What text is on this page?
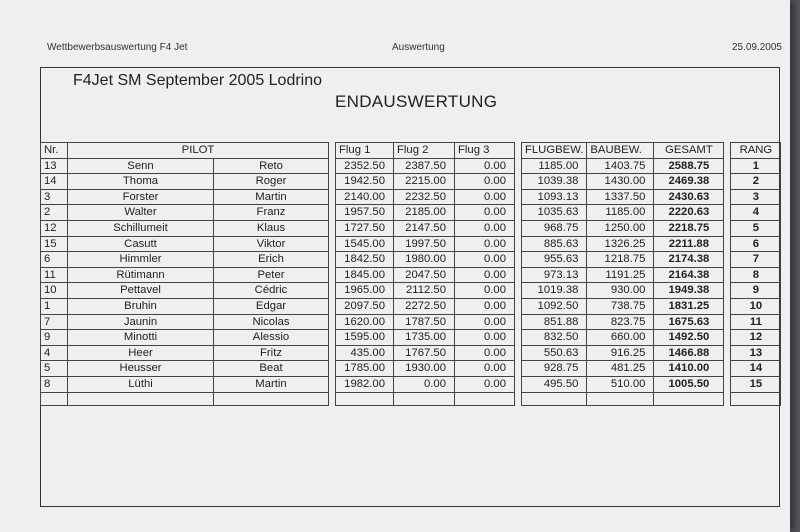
Wettbewerbsauswertung F4 Jet	Auswertung	25.09.2005
F4Jet SM September 2005 Lodrino
ENDAUSWERTUNG
Nr.	PILOT			Flug 1	Flug 2	Flug 3		FLUGBEW.	BAUBEW.	GESAMT		RANG	
13	Senn	Reto		2352.50	2387.50	0.00		1185.00	1403.75	2588.75		1	
14	Thoma	Roger		1942.50	2215.00	0.00		1039.38	1430.00	2469.38		2	
3	Forster	Martin		2140.00	2232.50	0.00		1093.13	1337.50	2430.63		3	
2	Walter	Franz		1957.50	2185.00	0.00		1035.63	1185.00	2220.63		4	
12	Schillumeit	Klaus		1727.50	2147.50	0.00		968.75	1250.00	2218.75		5	
15	Casutt	Viktor		1545.00	1997.50	0.00		885.63	1326.25	2211.88		6	
6	Himmler	Erich		1842.50	1980.00	0.00		955.63	1218.75	2174.38		7	
11	Rütimann	Peter		1845.00	2047.50	0.00		973.13	1191.25	2164.38		8	
10	Pettavel	Cédric		1965.00	2112.50	0.00		1019.38	930.00	1949.38		9	
1	Bruhin	Edgar		2097.50	2272.50	0.00		1092.50	738.75	1831.25		10	
7	Jaunin	Nicolas		1620.00	1787.50	0.00		851.88	823.75	1675.63		11	
9	Minotti	Alessio		1595.00	1735.00	0.00		832.50	660.00	1492.50		12	
4	Heer	Fritz		435.00	1767.50	0.00		550.63	916.25	1466.88		13	
5	Heusser	Beat		1785.00	1930.00	0.00		928.75	481.25	1410.00		14	
8	Lüthi	Martin		1982.00	0.00	0.00		495.50	510.00	1005.50		15	
